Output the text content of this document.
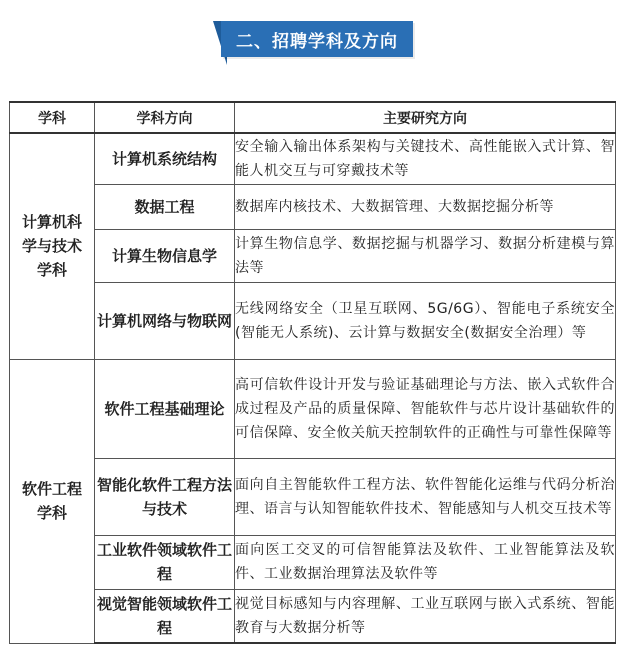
二、招聘学科及方向
学科	学科方向	主要研究方向
计算机科学与技术学科	计算机系统结构	安全输入输出体系架构与关键技术、高性能嵌入式计算、智能人机交互与可穿戴技术等
	数据工程	数据库内核技术、大数据管理、大数据挖掘分析等
	计算生物信息学	计算生物信息学、数据挖掘与机器学习、数据分析建模与算法等
	计算机网络与物联网	无线网络安全（卫星互联网、5G/6G）、智能电子系统安全(智能无人系统)、云计算与数据安全(数据安全治理）等
软件工程学科	软件工程基础理论	高可信软件设计开发与验证基础理论与方法、嵌入式软件合成过程及产品的质量保障、智能软件与芯片设计基础软件的可信保障、安全攸关航天控制软件的正确性与可靠性保障等
	智能化软件工程方法与技术	面向自主智能软件工程方法、软件智能化运维与代码分析治理、语言与认知智能软件技术、智能感知与人机交互技术等
	工业软件领域软件工程	面向医工交叉的可信智能算法及软件、工业智能算法及软件、工业数据治理算法及软件等
	视觉智能领域软件工程	视觉目标感知与内容理解、工业互联网与嵌入式系统、智能教育与大数据分析等
